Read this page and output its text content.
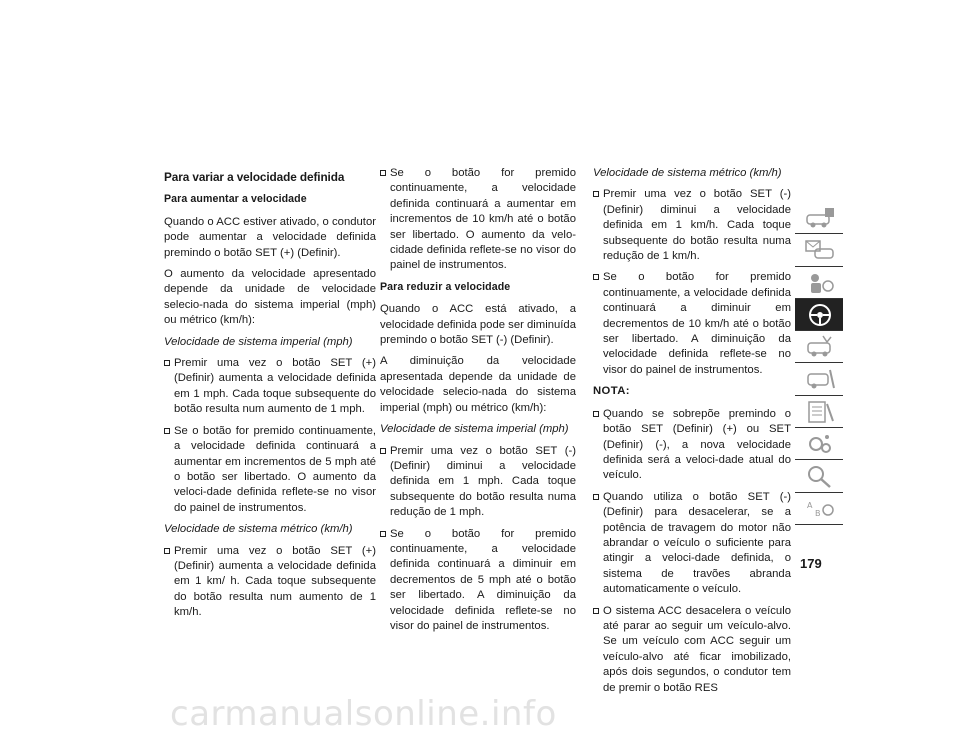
Para variar a velocidade definida
Para aumentar a velocidade

Quando o ACC estiver ativado, o condutor pode aumentar a velocidade definida premindo o botão SET (+) (Definir).

O aumento da velocidade apresentado depende da unidade de velocidade selecio-nada do sistema imperial (mph) ou métrico (km/h):

Velocidade de sistema imperial (mph)

Premir uma vez o botão SET (+) (Definir) aumenta a velocidade definida em 1 mph. Cada toque subsequente do botão resulta num aumento de 1 mph.
Se o botão for premido continuamente, a velocidade definida continuará a aumentar em incrementos de 5 mph até o botão ser libertado. O aumento da veloci-dade definida reflete-se no visor do painel de instrumentos.

Velocidade de sistema métrico (km/h)

Premir uma vez o botão SET (+) (Definir) aumenta a velocidade definida em 1 km/ h. Cada toque subsequente do botão resulta num aumento de 1 km/h.
Se o botão for premido continuamente, a velocidade definida continuará a aumentar em incrementos de 10 km/h até o botão ser libertado. O aumento da velo-cidade definida reflete-se no visor do painel de instrumentos.
Para reduzir a velocidade

Quando o ACC está ativado, a velocidade definida pode ser diminuída premindo o botão SET (-) (Definir).

A diminuição da velocidade apresentada depende da unidade de velocidade selecio-nada do sistema imperial (mph) ou métrico (km/h):

Velocidade de sistema imperial (mph)

Premir uma vez o botão SET (-) (Definir) diminui a velocidade definida em 1 mph. Cada toque subsequente do botão resulta numa redução de 1 mph.
Se o botão for premido continuamente, a velocidade definida continuará a diminuir em decrementos de 5 mph até o botão ser libertado. A diminuição da velocidade definida reflete-se no visor do painel de instrumentos.

Velocidade de sistema métrico (km/h)

Premir uma vez o botão SET (-) (Definir) diminui a velocidade definida em 1 km/h. Cada toque subsequente do botão resulta numa redução de 1 km/h.
Se o botão for premido continuamente, a velocidade definida continuará a diminuir em decrementos de 10 km/h até o botão ser libertado. A diminuição da velocidade definida reflete-se no visor do painel de instrumentos.
NOTA:
Quando se sobrepõe premindo o botão SET (Definir) (+) ou SET (Definir) (-), a nova velocidade definida será a veloci-dade atual do veículo.
Quando utiliza o botão SET (-) (Definir) para desacelerar, se a potência de travagem do motor não abrandar o veículo o suficiente para atingir a veloci-dade definida, o sistema de travões abranda automaticamente o veículo.
O sistema ACC desacelera o veículo até parar ao seguir um veículo-alvo. Se um veículo com ACC seguir um veículo-alvo até ficar imobilizado, após dois segundos, o condutor tem de premir o botão RES
A
B
179
carmanualsonline.info
